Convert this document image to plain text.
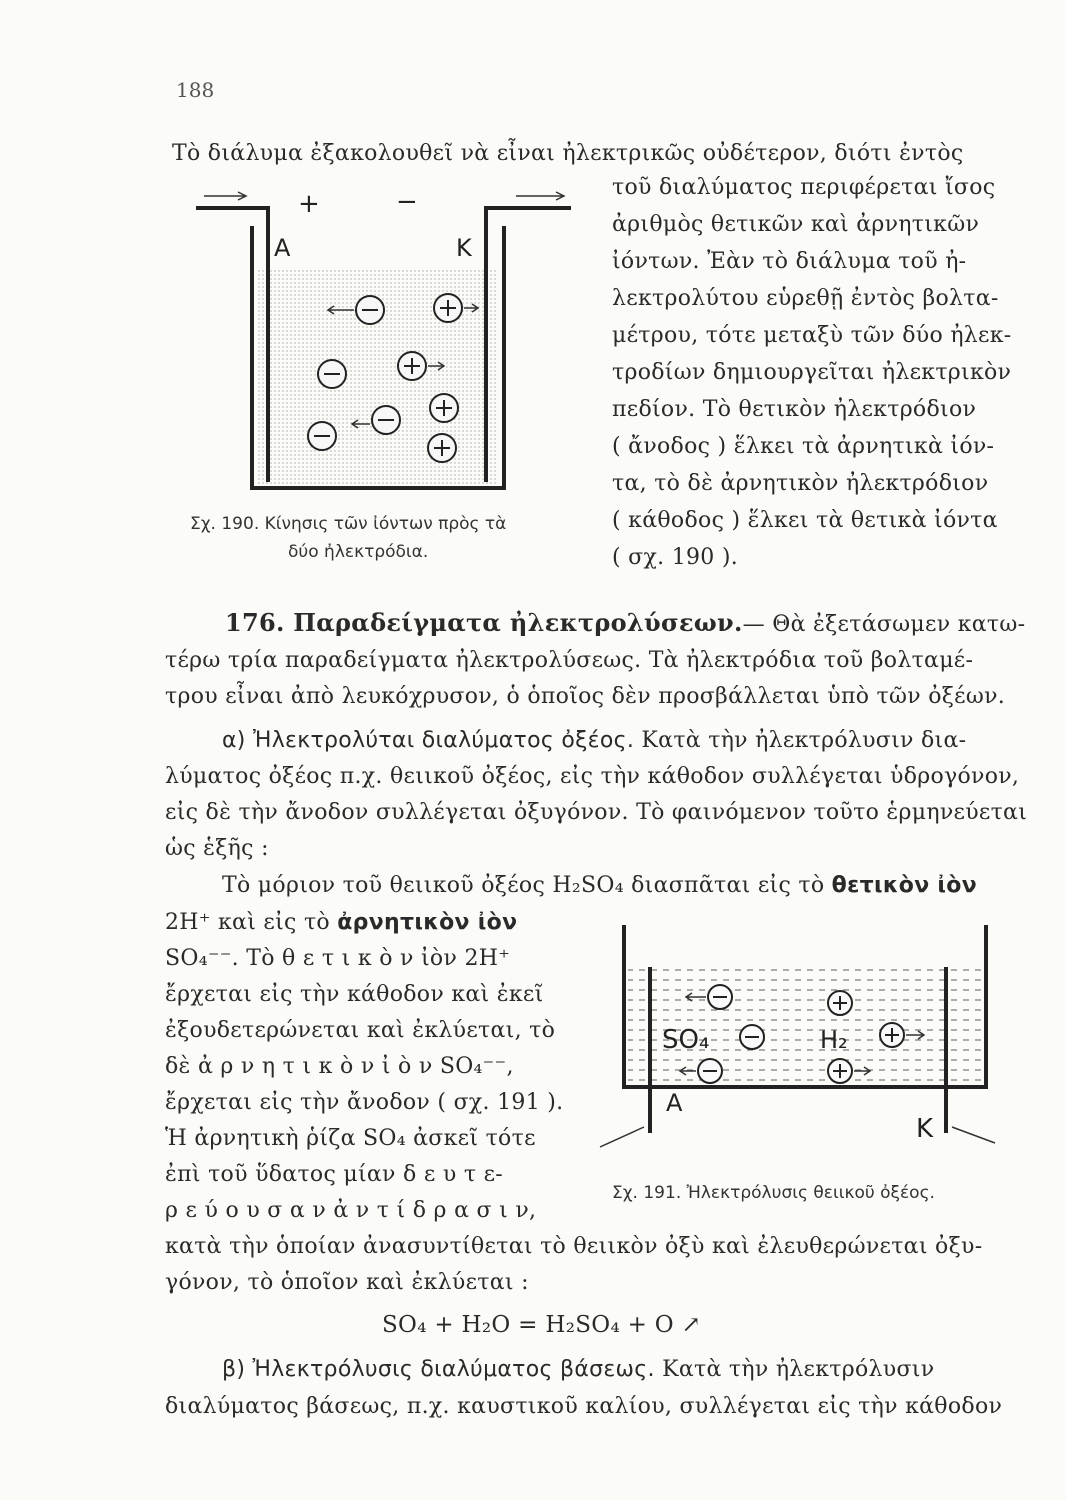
188
Τὸ διάλυμα ἐξακολουθεῖ νὰ εἶναι ἠλεκτρικῶς οὐδέτερον, διότι ἐντὸς
+	−
A	K
τοῦ διαλύματος περιφέρεται ἴσος
ἀριθμὸς θετικῶν καὶ ἀρνητικῶν
ἰόντων. Ἐὰν τὸ διάλυμα τοῦ ἠ-
λεκτρολύτου εὑρεθῇ ἐντὸς βολτα-
μέτρου, τότε μεταξὺ τῶν δύο ἠλεκ-
τροδίων δημιουργεῖται ἠλεκτρικὸν
πεδίον. Τὸ θετικὸν ἠλεκτρόδιον
( ἄνοδος ) ἕλκει τὰ ἀρνητικὰ ἰόν-
τα, τὸ δὲ ἀρνητικὸν ἠλεκτρόδιον
( κάθοδος ) ἕλκει τὰ θετικὰ ἰόντα
( σχ. 190 ).
Σχ. 190. Κίνησις τῶν ἰόντων πρὸς τὰ
δύο ἠλεκτρόδια.
176. Παραδείγματα ἠλεκτρολύσεων.— Θὰ ἐξετάσωμεν κατω-
τέρω τρία παραδείγματα ἠλεκτρολύσεως. Τὰ ἠλεκτρόδια τοῦ βολταμέ-
τρου εἶναι ἀπὸ λευκόχρυσον, ὁ ὁποῖος δὲν προσβάλλεται ὑπὸ τῶν ὀξέων.
α) Ἠλεκτρολύται διαλύματος ὀξέος. Κατὰ τὴν ἠλεκτρόλυσιν δια-
λύματος ὀξέος π.χ. θειικοῦ ὀξέος, εἰς τὴν κάθοδον συλλέγεται ὑδρογόνον,
εἰς δὲ τὴν ἄνοδον συλλέγεται ὀξυγόνον. Τὸ φαινόμενον τοῦτο ἑρμηνεύεται
ὡς ἑξῆς :
Τὸ μόριον τοῦ θειικοῦ ὀξέος H₂SO₄ διασπᾶται εἰς τὸ θετικὸν ἰὸν
2H⁺ καὶ εἰς τὸ ἀρνητικὸν ἰὸν
SO₄⁻⁻. Τὸ θ ε τ ι κ ὸ ν ἰὸν 2H⁺
ἔρχεται εἰς τὴν κάθοδον καὶ ἐκεῖ
ἐξουδετερώνεται καὶ ἐκλύεται, τὸ
δὲ ἀ ρ ν η τ ι κ ὸ ν ἰ ὸ ν SO₄⁻⁻,
ἔρχεται εἰς τὴν ἄνοδον ( σχ. 191 ).
Ἡ ἀρνητικὴ ῥίζα SO₄ ἀσκεῖ τότε
ἐπὶ τοῦ ὕδατος μίαν δ ε υ τ ε-
ρ ε ύ ο υ σ α ν ἀ ν τ ί δ ρ α σ ι ν,
A
K
SO₄	H₂
Σχ. 191. Ἠλεκτρόλυσις θειικοῦ ὀξέος.
κατὰ τὴν ὁποίαν ἀνασυντίθεται τὸ θειικὸν ὀξὺ καὶ ἐλευθερώνεται ὀξυ-
γόνον, τὸ ὁποῖον καὶ ἐκλύεται :
SO₄ + H₂O = H₂SO₄ + O ↗
β) Ἠλεκτρόλυσις διαλύματος βάσεως. Κατὰ τὴν ἠλεκτρόλυσιν
διαλύματος βάσεως, π.χ. καυστικοῦ καλίου, συλλέγεται εἰς τὴν κάθοδον
